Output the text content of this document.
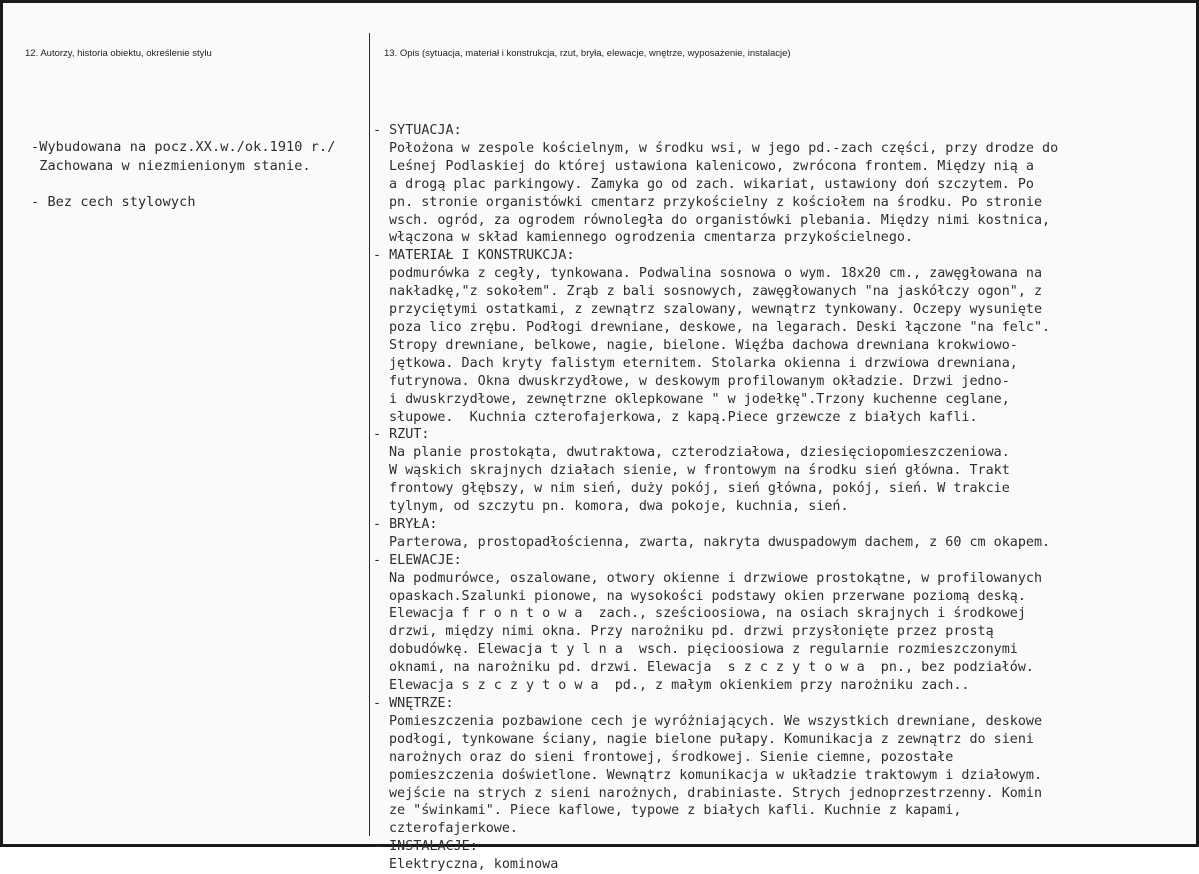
12. Autorzy, historia obiektu, określenie stylu	13. Opis (sytuacja, materiał i konstrukcja, rzut, bryła, elewacje, wnętrze, wyposażenie, instalacje)
-Wybudowana na pocz.XX.w./ok.1910 r./
Zachowana w niezmienionym stanie.
- Bez cech stylowych
- SYTUACJA:
Położona w zespole kościelnym, w środku wsi, w jego pd.-zach części, przy drodze do
Leśnej Podlaskiej do której ustawiona kalenicowo, zwrócona frontem. Między nią a
a drogą plac parkingowy. Zamyka go od zach. wikariat, ustawiony doń szczytem. Po
pn. stronie organistówki cmentarz przykościelny z kościołem na środku. Po stronie
wsch. ogród, za ogrodem równoległa do organistówki plebania. Między nimi kostnica,
włączona w skład kamiennego ogrodzenia cmentarza przykościelnego.
- MATERIAŁ I KONSTRUKCJA:
podmurówka z cegły, tynkowana. Podwalina sosnowa o wym. 18x20 cm., zawęgłowana na
nakładkę,"z sokołem". Zrąb z bali sosnowych, zawęgłowanych "na jaskółczy ogon", z
przyciętymi ostatkami, z zewnątrz szalowany, wewnątrz tynkowany. Oczepy wysunięte
poza lico zrębu. Podłogi drewniane, deskowe, na legarach. Deski łączone "na felc".
Stropy drewniane, belkowe, nagie, bielone. Więźba dachowa drewniana krokwiowo-
jętkowa. Dach kryty falistym eternitem. Stolarka okienna i drzwiowa drewniana,
futrynowa. Okna dwuskrzydłowe, w deskowym profilowanym okładzie. Drzwi jedno-
i dwuskrzydłowe, zewnętrzne oklepkowane " w jodełkę".Trzony kuchenne ceglane,
słupowe.  Kuchnia czterofajerkowa, z kapą.Piece grzewcze z białych kafli.
- RZUT:
Na planie prostokąta, dwutraktowa, czterodziałowa, dziesięciopomieszczeniowa.
W wąskich skrajnych działach sienie, w frontowym na środku sień główna. Trakt
frontowy głębszy, w nim sień, duży pokój, sień główna, pokój, sień. W trakcie
tylnym, od szczytu pn. komora, dwa pokoje, kuchnia, sień.
- BRYŁA:
Parterowa, prostopadłościenna, zwarta, nakryta dwuspadowym dachem, z 60 cm okapem.
- ELEWACJE:
Na podmurówce, oszalowane, otwory okienne i drzwiowe prostokątne, w profilowanych
opaskach.Szalunki pionowe, na wysokości podstawy okien przerwane poziomą deską.
Elewacja f r o n t o w a  zach., sześcioosiowa, na osiach skrajnych i środkowej
drzwi, między nimi okna. Przy narożniku pd. drzwi przysłonięte przez prostą
dobudówkę. Elewacja t y l n a  wsch. pięcioosiowa z regularnie rozmieszczonymi
oknami, na narożniku pd. drzwi. Elewacja  s z c z y t o w a  pn., bez podziałów.
Elewacja s z c z y t o w a  pd., z małym okienkiem przy narożniku zach..
- WNĘTRZE:
Pomieszczenia pozbawione cech je wyróżniających. We wszystkich drewniane, deskowe
podłogi, tynkowane ściany, nagie bielone pułapy. Komunikacja z zewnątrz do sieni
narożnych oraz do sieni frontowej, środkowej. Sienie ciemne, pozostałe
pomieszczenia doświetlone. Wewnątrz komunikacja w układzie traktowym i działowym.
wejście na strych z sieni narożnych, drabiniaste. Strych jednoprzestrzenny. Komin
ze "świnkami". Piece kaflowe, typowe z białych kafli. Kuchnie z kapami,
czterofajerkowe.
- INSTALACJE:
Elektryczna, kominowa
